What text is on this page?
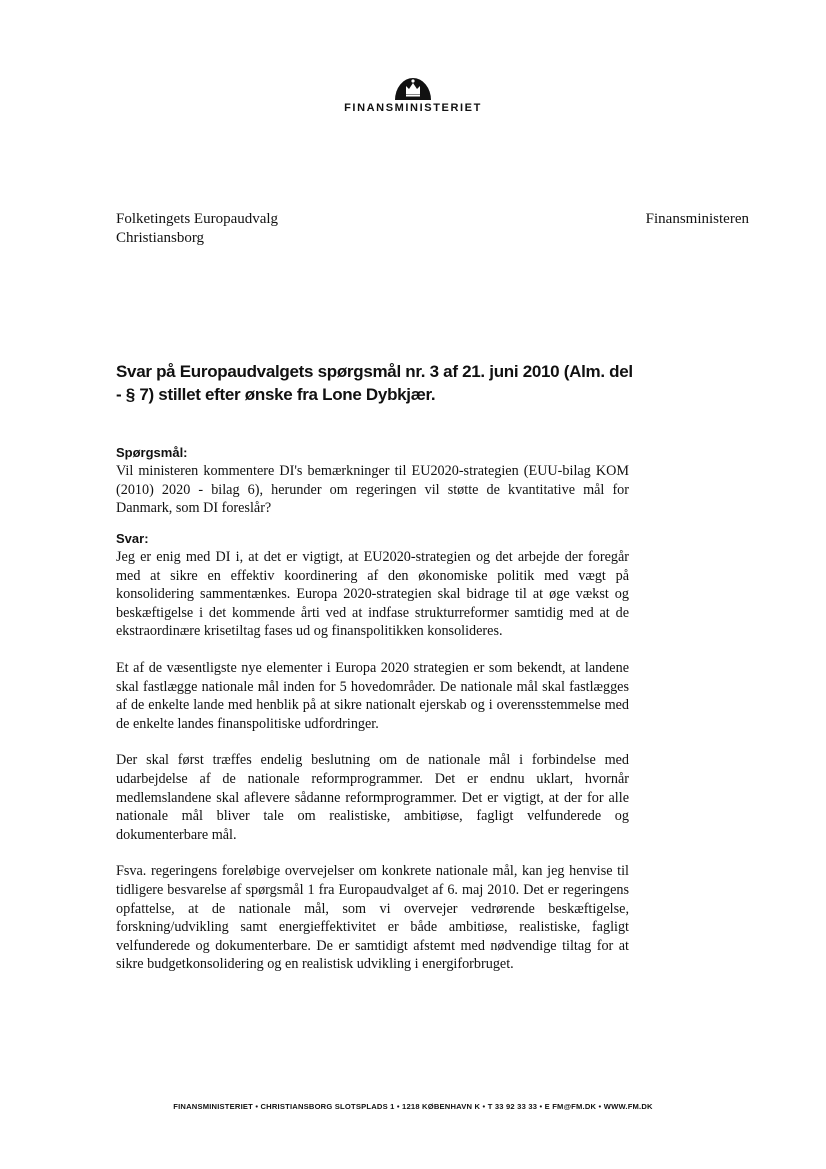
FINANSMINISTERIET
Folketingets Europaudvalg
Christiansborg
Finansministeren
Svar på Europaudvalgets spørgsmål nr. 3 af 21. juni 2010 (Alm. del - § 7) stillet efter ønske fra Lone Dybkjær.
Spørgsmål:

Vil ministeren kommentere DI's bemærkninger til EU2020-strategien (EUU-bilag KOM (2010) 2020 - bilag 6), herunder om regeringen vil støtte de kvantitative mål for Danmark, som DI foreslår?

Svar:

Jeg er enig med DI i, at det er vigtigt, at EU2020-strategien og det arbejde der foregår med at sikre en effektiv koordinering af den økonomiske politik med vægt på konsolidering sammentænkes. Europa 2020-strategien skal bidrage til at øge vækst og beskæftigelse i det kommende årti ved at indfase strukturreformer samtidig med at de ekstraordinære krisetiltag fases ud og finanspolitikken konsolideres.

Et af de væsentligste nye elementer i Europa 2020 strategien er som bekendt, at landene skal fastlægge nationale mål inden for 5 hovedområder. De nationale mål skal fastlægges af de enkelte lande med henblik på at sikre nationalt ejerskab og i overensstemmelse med de enkelte landes finanspolitiske udfordringer.

Der skal først træffes endelig beslutning om de nationale mål i forbindelse med udarbejdelse af de nationale reformprogrammer. Det er endnu uklart, hvornår medlemslandene skal aflevere sådanne reformprogrammer. Det er vigtigt, at der for alle nationale mål bliver tale om realistiske, ambitiøse, fagligt velfunderede og dokumenterbare mål.

Fsva. regeringens foreløbige overvejelser om konkrete nationale mål, kan jeg henvise til tidligere besvarelse af spørgsmål 1 fra Europaudvalget af 6. maj 2010. Det er regeringens opfattelse, at de nationale mål, som vi overvejer vedrørende beskæftigelse, forskning/udvikling samt energieffektivitet er både ambitiøse, realistiske, fagligt velfunderede og dokumenterbare. De er samtidigt afstemt med nødvendige tiltag for at sikre budgetkonsolidering og en realistisk udvikling i energiforbruget.

FINANSMINISTERIET • CHRISTIANSBORG SLOTSPLADS 1 • 1218 KØBENHAVN K • T 33 92 33 33 • E FM@FM.DK • WWW.FM.DK
